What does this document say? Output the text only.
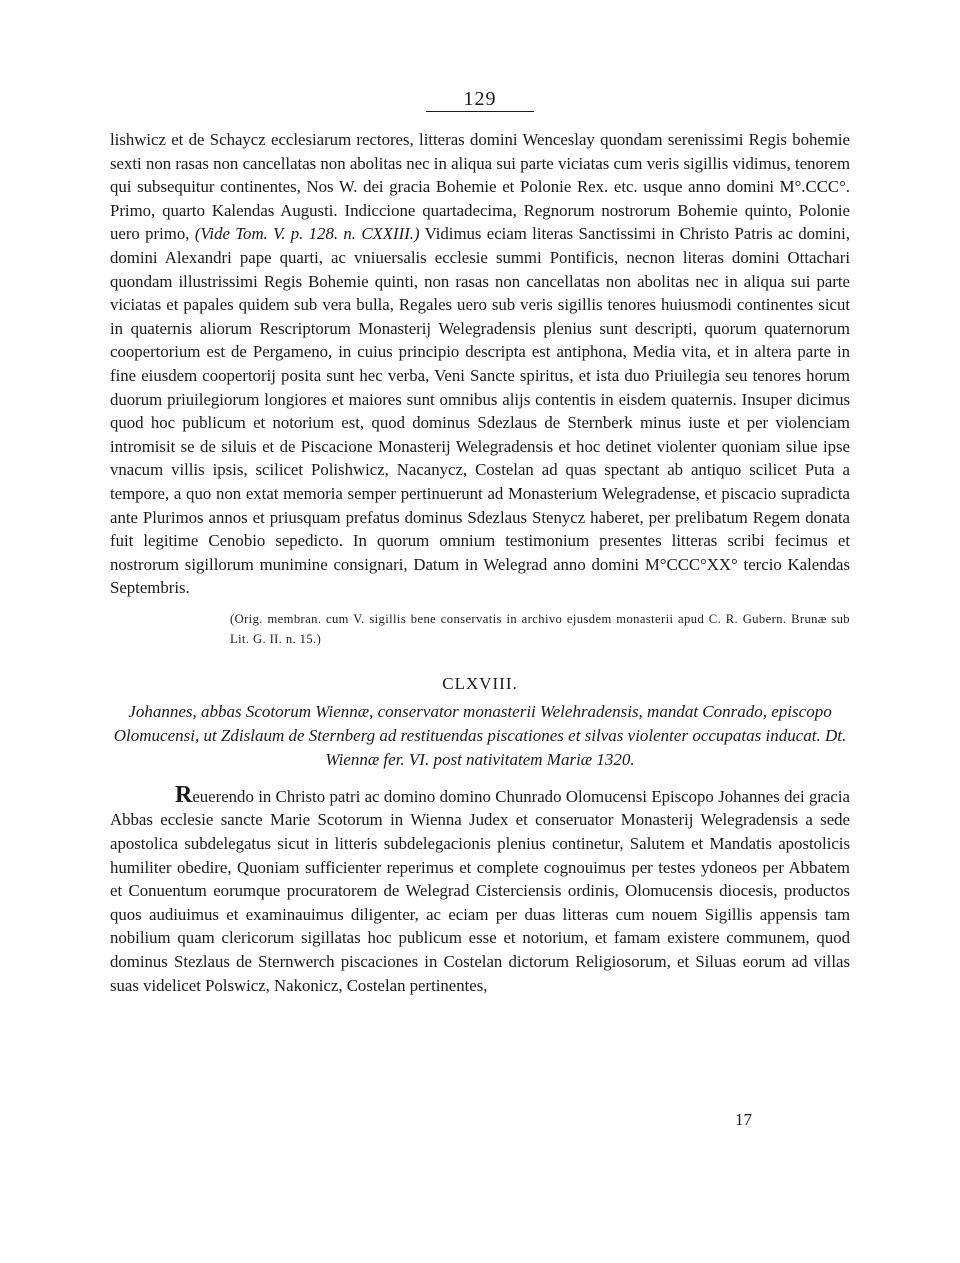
129

lishwicz et de Schaycz ecclesiarum rectores, litteras domini Wenceslay quondam serenissimi Regis bohemie sexti non rasas non cancellatas non abolitas nec in aliqua sui parte viciatas cum veris sigillis vidimus, tenorem qui subsequitur continentes, Nos W. dei gracia Bohemie et Polonie Rex. etc. usque anno domini M°.CCC°. Primo, quarto Kalendas Augusti. Indiccione quartadecima, Regnorum nostrorum Bohemie quinto, Polonie uero primo, (Vide Tom. V. p. 128. n. CXXIII.) Vidimus eciam literas Sanctissimi in Christo Patris ac domini, domini Alexandri pape quarti, ac vniuersalis ecclesie summi Pontificis, necnon literas domini Ottachari quondam illustrissimi Regis Bohemie quinti, non rasas non cancellatas non abolitas nec in aliqua sui parte viciatas et papales quidem sub vera bulla, Regales uero sub veris sigillis tenores huiusmodi continentes sicut in quaternis aliorum Rescriptorum Monasterij Welegradensis plenius sunt descripti, quorum quaternorum coopertorium est de Pergameno, in cuius principio descripta est antiphona, Media vita, et in altera parte in fine eiusdem coopertorij posita sunt hec verba, Veni Sancte spiritus, et ista duo Priuilegia seu tenores horum duorum priuilegiorum longiores et maiores sunt omnibus alijs contentis in eisdem quaternis. Insuper dicimus quod hoc publicum et notorium est, quod dominus Sdezlaus de Sternberk minus iuste et per violenciam intromisit se de siluis et de Piscacione Monasterij Welegradensis et hoc detinet violenter quoniam silue ipse vnacum villis ipsis, scilicet Polishwicz, Nacanycz, Costelan ad quas spectant ab antiquo scilicet Puta a tempore, a quo non extat memoria semper pertinuerunt ad Monasterium Welegradense, et piscacio supradicta ante Plurimos annos et priusquam prefatus dominus Sdezlaus Stenycz haberet, per prelibatum Regem donata fuit legitime Cenobio sepedicto. In quorum omnium testimonium presentes litteras scribi fecimus et nostrorum sigillorum munimine consignari, Datum in Welegrad anno domini M°CCC°XX° tercio Kalendas Septembris.

(Orig. membran. cum V. sigillis bene conservatis in archivo ejusdem monasterii apud C. R. Gubern. Brunæ sub Lit. G. II. n. 15.)

CLXVIII.

Johannes, abbas Scotorum Wiennæ, conservator monasterii Welehradensis, mandat Conrado, episcopo Olomucensi, ut Zdislaum de Sternberg ad restituendas piscationes et silvas violenter occupatas inducat. Dt. Wiennæ fer. VI. post nativitatem Mariæ 1320.

Reuerendo in Christo patri ac domino domino Chunrado Olomucensi Episcopo Johannes dei gracia Abbas ecclesie sancte Marie Scotorum in Wienna Judex et conseruator Monasterij Welegradensis a sede apostolica subdelegatus sicut in litteris subdelegacionis plenius continetur, Salutem et Mandatis apostolicis humiliter obedire, Quoniam sufficienter reperimus et complete cognouimus per testes ydoneos per Abbatem et Conuentum eorumque procuratorem de Welegrad Cisterciensis ordinis, Olomucensis diocesis, productos quos audiuimus et examinauimus diligenter, ac eciam per duas litteras cum nouem Sigillis appensis tam nobilium quam clericorum sigillatas hoc publicum esse et notorium, et famam existere communem, quod dominus Stezlaus de Sternwerch piscaciones in Costelan dictorum Religiosorum, et Siluas eorum ad villas suas videlicet Polswicz, Nakonicz, Costelan pertinentes,

17
